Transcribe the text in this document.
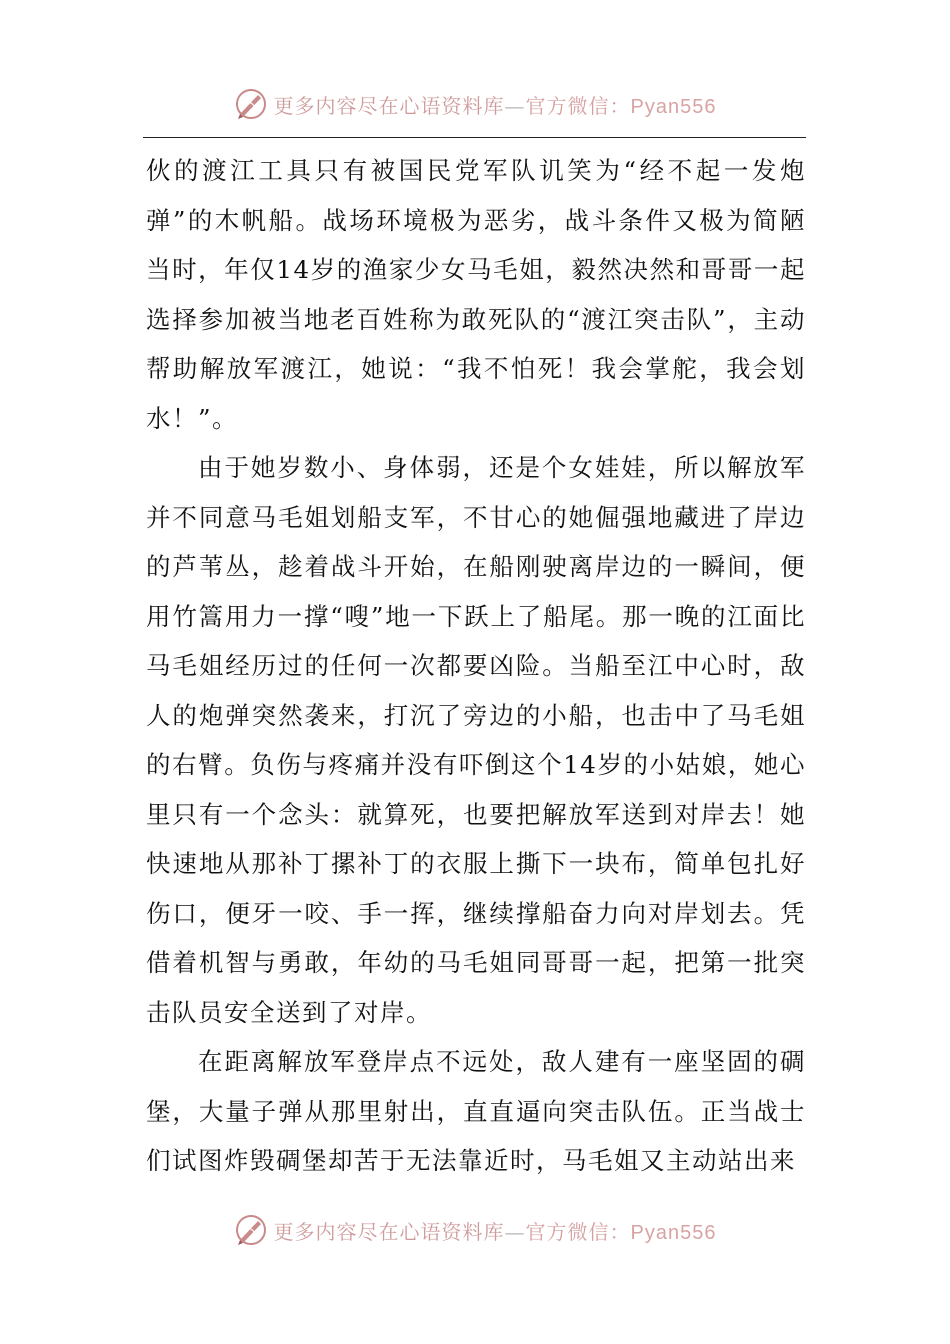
更多内容尽在心语资料库—官方微信：Pyan556

伙的渡江工具只有被国民党军队讥笑为“经不起一发炮弹”的木帆船。战场环境极为恶劣，战斗条件又极为简陋当时，年仅14岁的渔家少女马毛姐，毅然决然和哥哥一起选择参加被当地老百姓称为敢死队的“渡江突击队”，主动帮助解放军渡江，她说：“我不怕死！我会掌舵，我会划水！”。

由于她岁数小、身体弱，还是个女娃娃，所以解放军并不同意马毛姐划船支军，不甘心的她倔强地藏进了岸边的芦苇丛，趁着战斗开始，在船刚驶离岸边的一瞬间，便用竹篙用力一撑“嗖”地一下跃上了船尾。那一晚的江面比马毛姐经历过的任何一次都要凶险。当船至江中心时，敌人的炮弹突然袭来，打沉了旁边的小船，也击中了马毛姐的右臂。负伤与疼痛并没有吓倒这个14岁的小姑娘，她心里只有一个念头：就算死，也要把解放军送到对岸去！她快速地从那补丁摞补丁的衣服上撕下一块布，简单包扎好伤口，便牙一咬、手一挥，继续撑船奋力向对岸划去。凭借着机智与勇敢，年幼的马毛姐同哥哥一起，把第一批突击队员安全送到了对岸。

在距离解放军登岸点不远处，敌人建有一座坚固的碉堡，大量子弹从那里射出，直直逼向突击队伍。正当战士们试图炸毁碉堡却苦于无法靠近时，马毛姐又主动站出来

更多内容尽在心语资料库—官方微信：Pyan556
